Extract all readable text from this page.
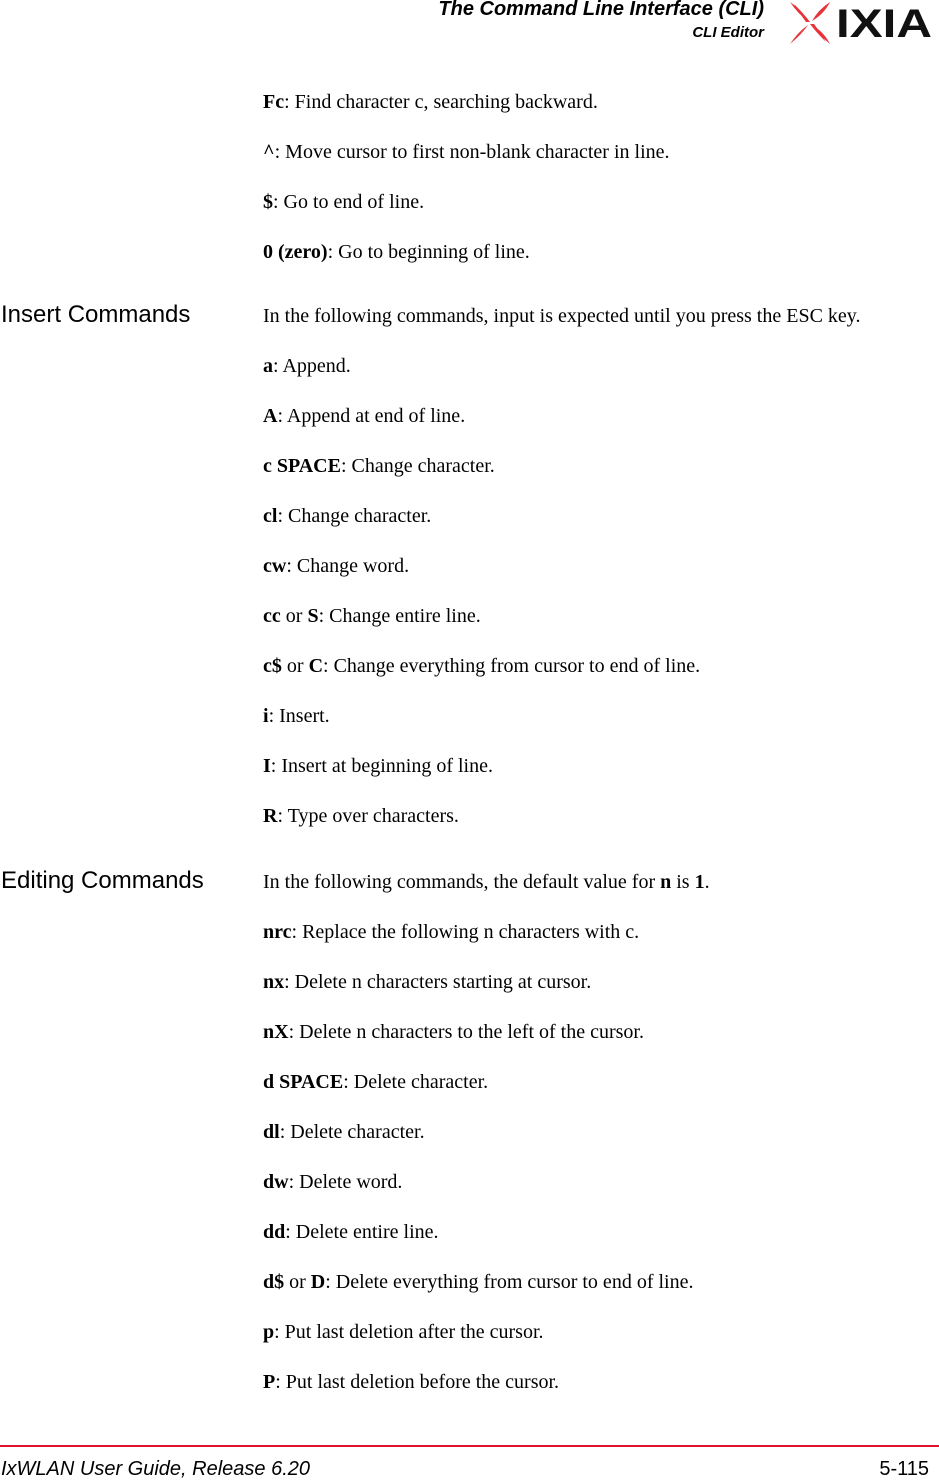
The Command Line Interface (CLI)
CLI Editor IXIA
Fc: Find character c, searching backward.
^: Move cursor to first non-blank character in line.
$: Go to end of line.
0 (zero): Go to beginning of line.
Insert Commands	In the following commands, input is expected until you press the ESC key.
a: Append.
A: Append at end of line.
c SPACE: Change character.
cl: Change character.
cw: Change word.
cc or S: Change entire line.
c$ or C: Change everything from cursor to end of line.
i: Insert.
I: Insert at beginning of line.
R: Type over characters.
Editing Commands	In the following commands, the default value for n is 1.
nrc: Replace the following n characters with c.
nx: Delete n characters starting at cursor.
nX: Delete n characters to the left of the cursor.
d SPACE: Delete character.
dl: Delete character.
dw: Delete word.
dd: Delete entire line.
d$ or D: Delete everything from cursor to end of line.
p: Put last deletion after the cursor.
P: Put last deletion before the cursor.
IxWLAN User Guide, Release 6.20	5-115
